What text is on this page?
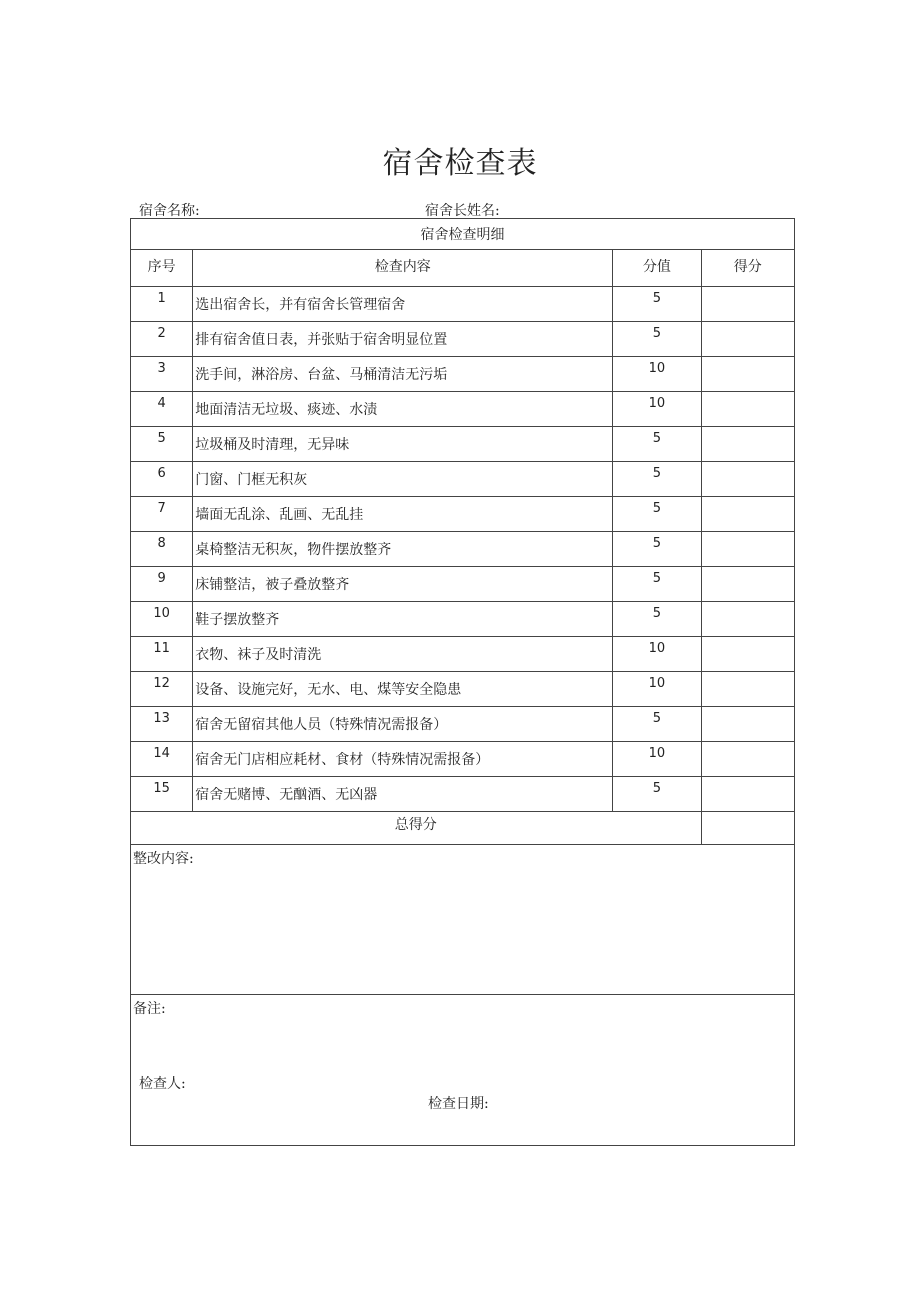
宿舍检查表
宿舍名称:	宿舍长姓名:
宿舍检查明细			
序号	检查内容	分值	得分
1	选出宿舍长，并有宿舍长管理宿舍	5	
2	排有宿舍值日表，并张贴于宿舍明显位置	5	
3	洗手间，淋浴房、台盆、马桶清洁无污垢	10	
4	地面清洁无垃圾、痰迹、水渍	10	
5	垃圾桶及时清理，无异味	5	
6	门窗、门框无积灰	5	
7	墙面无乱涂、乱画、无乱挂	5	
8	桌椅整洁无积灰，物件摆放整齐	5	
9	床铺整洁，被子叠放整齐	5	
10	鞋子摆放整齐	5	
11	衣物、袜子及时清洗	10	
12	设备、设施完好，无水、电、煤等安全隐患	10	
13	宿舍无留宿其他人员（特殊情况需报备）	5	
14	宿舍无门店相应耗材、食材（特殊情况需报备）	10	
15	宿舍无赌博、无酗酒、无凶器	5	
总得分			
整改内容:			
备注:			
检查人:
检查日期:
